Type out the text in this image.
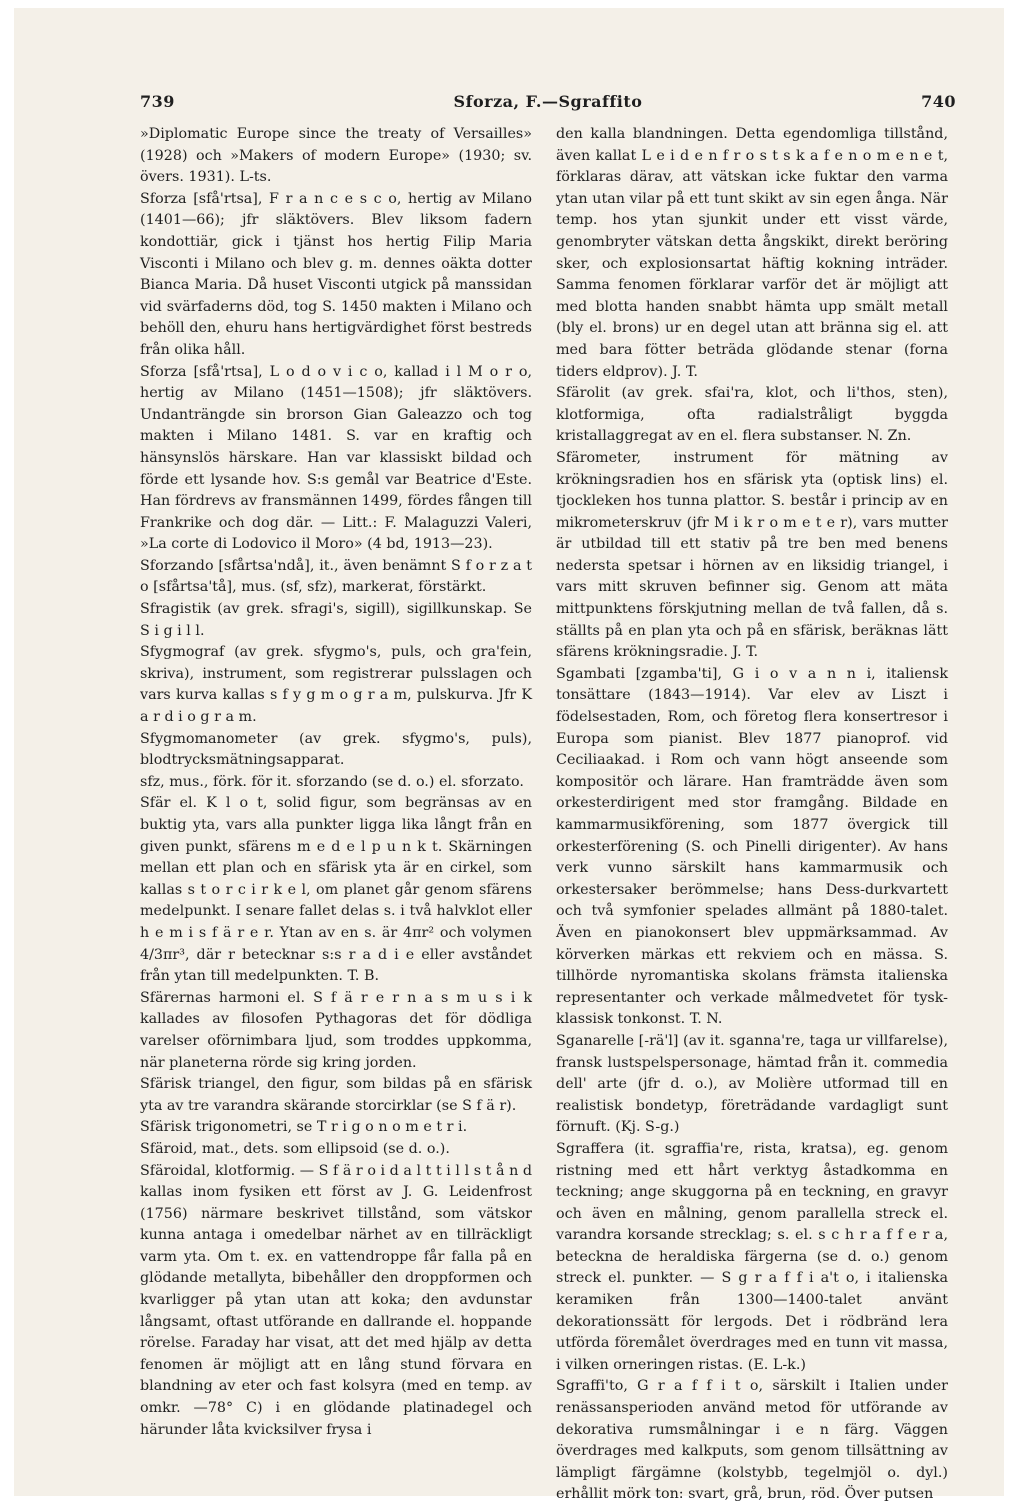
739	Sforza, F.—Sgraffito	740

»Diplomatic Europe since the treaty of Versailles» (1928) och »Makers of modern Europe» (1930; sv. övers. 1931). L-ts.

Sforza [sfå'rtsa], F r a n c e s c o, hertig av Milano (1401—66); jfr släktövers. Blev liksom fadern kondottiär, gick i tjänst hos hertig Filip Maria Visconti i Milano och blev g. m. dennes oäkta dotter Bianca Maria. Då huset Visconti utgick på manssidan vid svärfaderns död, tog S. 1450 makten i Milano och behöll den, ehuru hans hertigvärdighet först bestreds från olika håll.

Sforza [sfå'rtsa], L o d o v i c o, kallad i l M o r o, hertig av Milano (1451—1508); jfr släktövers. Undanträngde sin brorson Gian Galeazzo och tog makten i Milano 1481. S. var en kraftig och hänsynslös härskare. Han var klassiskt bildad och förde ett lysande hov. S:s gemål var Beatrice d'Este. Han fördrevs av fransmännen 1499, fördes fången till Frankrike och dog där. — Litt.: F. Malaguzzi Valeri, »La corte di Lodovico il Moro» (4 bd, 1913—23).

Sforzando [sfårtsa'ndå], it., även benämnt S f o r z a t o [sfårtsa'tå], mus. (sf, sfz), markerat, förstärkt.

Sfragistik (av grek. sfragi's, sigill), sigillkunskap. Se S i g i l l.

Sfygmograf (av grek. sfygmo's, puls, och gra'fein, skriva), instrument, som registrerar pulsslagen och vars kurva kallas s f y g m o g r a m, pulskurva. Jfr K a r d i o g r a m.

Sfygmomanometer (av grek. sfygmo's, puls), blodtrycksmätningsapparat.

sfz, mus., förk. för it. sforzando (se d. o.) el. sforzato.

Sfär el. K l o t, solid figur, som begränsas av en buktig yta, vars alla punkter ligga lika långt från en given punkt, sfärens m e d e l p u n k t. Skärningen mellan ett plan och en sfärisk yta är en cirkel, som kallas s t o r c i r k e l, om planet går genom sfärens medelpunkt. I senare fallet delas s. i två halvklot eller h e m i s f ä r e r. Ytan av en s. är 4πr² och volymen 4/3πr³, där r betecknar s:s r a d i e eller avståndet från ytan till medelpunkten. T. B.

Sfärernas harmoni el. S f ä r e r n a s m u s i k kallades av filosofen Pythagoras det för dödliga varelser oförnimbara ljud, som troddes uppkomma, när planeterna rörde sig kring jorden.

Sfärisk triangel, den figur, som bildas på en sfärisk yta av tre varandra skärande storcirklar (se S f ä r).

Sfärisk trigonometri, se T r i g o n o m e t r i.

Sfäroid, mat., dets. som ellipsoid (se d. o.).

Sfäroidal, klotformig. — S f ä r o i d a l t t i l l s t å n d kallas inom fysiken ett först av J. G. Leidenfrost (1756) närmare beskrivet tillstånd, som vätskor kunna antaga i omedelbar närhet av en tillräckligt varm yta. Om t. ex. en vattendroppe får falla på en glödande metallyta, bibehåller den droppformen och kvarligger på ytan utan att koka; den avdunstar långsamt, oftast utförande en dallrande el. hoppande rörelse. Faraday har visat, att det med hjälp av detta fenomen är möjligt att en lång stund förvara en blandning av eter och fast kolsyra (med en temp. av omkr. —78° C) i en glödande platinadegel och härunder låta kvicksilver frysa i

den kalla blandningen. Detta egendomliga tillstånd, även kallat L e i d e n f r o s t s k a f e n o m e n e t, förklaras därav, att vätskan icke fuktar den varma ytan utan vilar på ett tunt skikt av sin egen ånga. När temp. hos ytan sjunkit under ett visst värde, genombryter vätskan detta ångskikt, direkt beröring sker, och explosionsartat häftig kokning inträder. Samma fenomen förklarar varför det är möjligt att med blotta handen snabbt hämta upp smält metall (bly el. brons) ur en degel utan att bränna sig el. att med bara fötter beträda glödande stenar (forna tiders eldprov). J. T.

Sfärolit (av grek. sfai'ra, klot, och li'thos, sten), klotformiga, ofta radialstråligt byggda kristallaggregat av en el. flera substanser. N. Zn.

Sfärometer, instrument för mätning av krökningsradien hos en sfärisk yta (optisk lins) el. tjockleken hos tunna plattor. S. består i princip av en mikrometerskruv (jfr M i k r o m e t e r), vars mutter är utbildad till ett stativ på tre ben med benens nedersta spetsar i hörnen av en liksidig triangel, i vars mitt skruven befinner sig. Genom att mäta mittpunktens förskjutning mellan de två fallen, då s. ställts på en plan yta och på en sfärisk, beräknas lätt sfärens krökningsradie. J. T.

Sgambati [zgamba'ti], G i o v a n n i, italiensk tonsättare (1843—1914). Var elev av Liszt i födelsestaden, Rom, och företog flera konsertresor i Europa som pianist. Blev 1877 pianoprof. vid Ceciliaakad. i Rom och vann högt anseende som kompositör och lärare. Han framträdde även som orkesterdirigent med stor framgång. Bildade en kammarmusikförening, som 1877 övergick till orkesterförening (S. och Pinelli dirigenter). Av hans verk vunno särskilt hans kammarmusik och orkestersaker berömmelse; hans Dess-durkvartett och två symfonier spelades allmänt på 1880-talet. Även en pianokonsert blev uppmärksammad. Av körverken märkas ett rekviem och en mässa. S. tillhörde nyromantiska skolans främsta italienska representanter och verkade målmedvetet för tysk-klassisk tonkonst. T. N.

Sganarelle [-rä'l] (av it. sganna're, taga ur villfarelse), fransk lustspelspersonage, hämtad från it. commedia dell' arte (jfr d. o.), av Molière utformad till en realistisk bondetyp, företrädande vardagligt sunt förnuft. (Kj. S-g.)

Sgraffera (it. sgraffia're, rista, kratsa), eg. genom ristning med ett hårt verktyg åstadkomma en teckning; ange skuggorna på en teckning, en gravyr och även en målning, genom parallella streck el. varandra korsande strecklag; s. el. s c h r a f f e r a, beteckna de heraldiska färgerna (se d. o.) genom streck el. punkter. — S g r a f f i a't o, i italienska keramiken från 1300—1400-talet använt dekorationssätt för lergods. Det i rödbränd lera utförda föremålet överdrages med en tunn vit massa, i vilken orneringen ristas. (E. L-k.)

Sgraffi'to, G r a f f i t o, särskilt i Italien under renässansperioden använd metod för utförande av dekorativa rumsmålningar i e n färg. Väggen överdrages med kalkputs, som genom tillsättning av lämpligt färgämne (kolstybb, tegelmjöl o. dyl.) erhållit mörk ton: svart, grå, brun, röd. Över putsen
